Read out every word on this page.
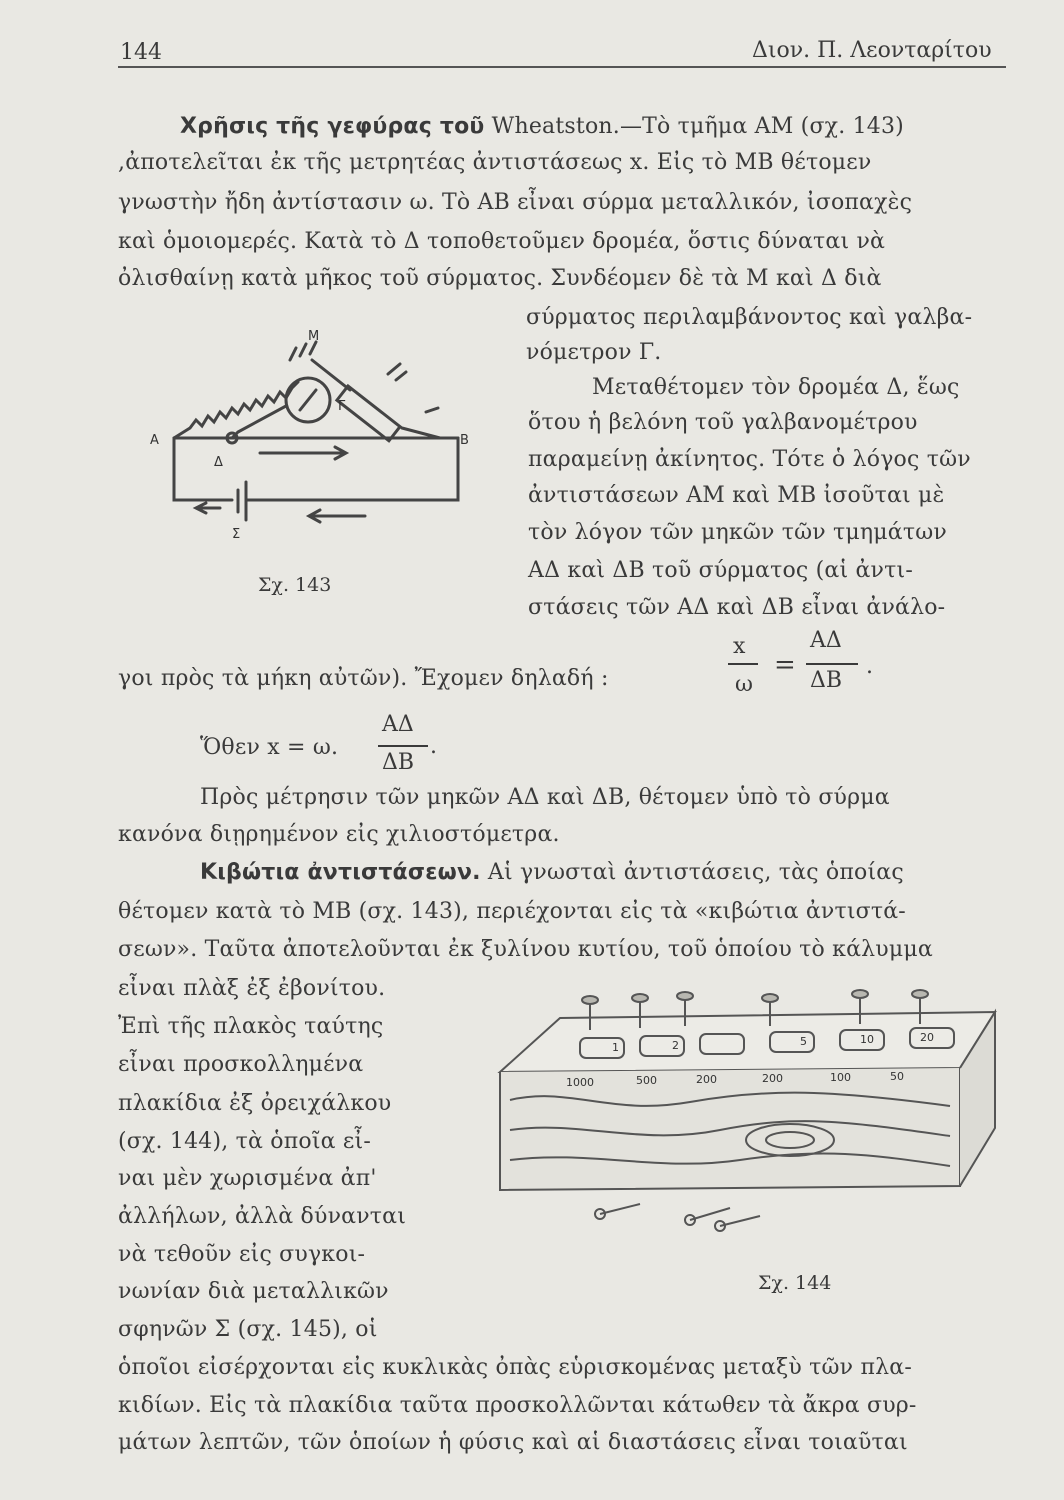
144	Διον. Π. Λεονταρίτου
Χρῆσις τῆς γεφύρας τοῦ Wheatston.—Τὸ τμῆμα ΑΜ (σχ. 143)
,ἀποτελεῖται ἐκ τῆς μετρητέας ἀντιστάσεως x. Εἰς τὸ ΜΒ θέτομεν
γνωστὴν ἤδη ἀντίστασιν ω. Τὸ ΑΒ εἶναι σύρμα μεταλλικόν, ἰσοπαχὲς
καὶ ὁμοιομερές. Κατὰ τὸ Δ τοποθετοῦμεν δρομέα, ὅστις δύναται νὰ
ὀλισθαίνῃ κατὰ μῆκος τοῦ σύρματος. Συνδέομεν δὲ τὰ Μ καὶ Δ διὰ
σύρματος περιλαμβάνοντος καὶ γαλβα-
νόμετρον Γ.
Μεταθέτομεν τὸν δρομέα Δ, ἕως
ὅτου ἡ βελόνη τοῦ γαλβανομέτρου
παραμείνῃ ἀκίνητος. Τότε ὁ λόγος τῶν
ἀντιστάσεων ΑΜ καὶ ΜΒ ἰσοῦται μὲ
τὸν λόγον τῶν μηκῶν τῶν τμημάτων
ΑΔ καὶ ΔΒ τοῦ σύρματος (αἱ ἀντι-
στάσεις τῶν ΑΔ καὶ ΔΒ εἶναι ἀνάλο-
γοι πρὸς τὰ μήκη αὐτῶν). Ἔχομεν δηλαδή :
x
ω
=
ΑΔ
ΔΒ
.
Ὅθεν x = ω.
ΑΔ
ΔΒ
.
Πρὸς μέτρησιν τῶν μηκῶν ΑΔ καὶ ΔΒ, θέτομεν ὑπὸ τὸ σύρμα
κανόνα διῃρημένον εἰς χιλιοστόμετρα.
Α	Β
Μ
Γ
Δ
Σ
Σχ. 143
Κιβώτια ἀντιστάσεων. Αἱ γνωσταὶ ἀντιστάσεις, τὰς ὁποίας
θέτομεν κατὰ τὸ ΜΒ (σχ. 143), περιέχονται εἰς τὰ «κιβώτια ἀντιστά-
σεων». Ταῦτα ἀποτελοῦνται ἐκ ξυλίνου κυτίου, τοῦ ὁποίου τὸ κάλυμμα
εἶναι πλὰξ ἐξ ἐβονίτου.
Ἐπὶ τῆς πλακὸς ταύτης
εἶναι προσκολλημένα
πλακίδια ἐξ ὀρειχάλκου
(σχ. 144), τὰ ὁποῖα εἶ-
ναι μὲν χωρισμένα ἀπ'
ἀλλήλων, ἀλλὰ δύνανται
νὰ τεθοῦν εἰς συγκοι-
νωνίαν διὰ μεταλλικῶν
σφηνῶν Σ (σχ. 145), οἱ
ὁποῖοι εἰσέρχονται εἰς κυκλικὰς ὀπὰς εὑρισκομένας μεταξὺ τῶν πλα-
κιδίων. Εἰς τὰ πλακίδια ταῦτα προσκολλῶνται κάτωθεν τὰ ἄκρα συρ-
μάτων λεπτῶν, τῶν ὁποίων ἡ φύσις καὶ αἱ διαστάσεις εἶναι τοιαῦται
1	2	5	10	20
1000	500	200	200	100	50
Σχ. 144
